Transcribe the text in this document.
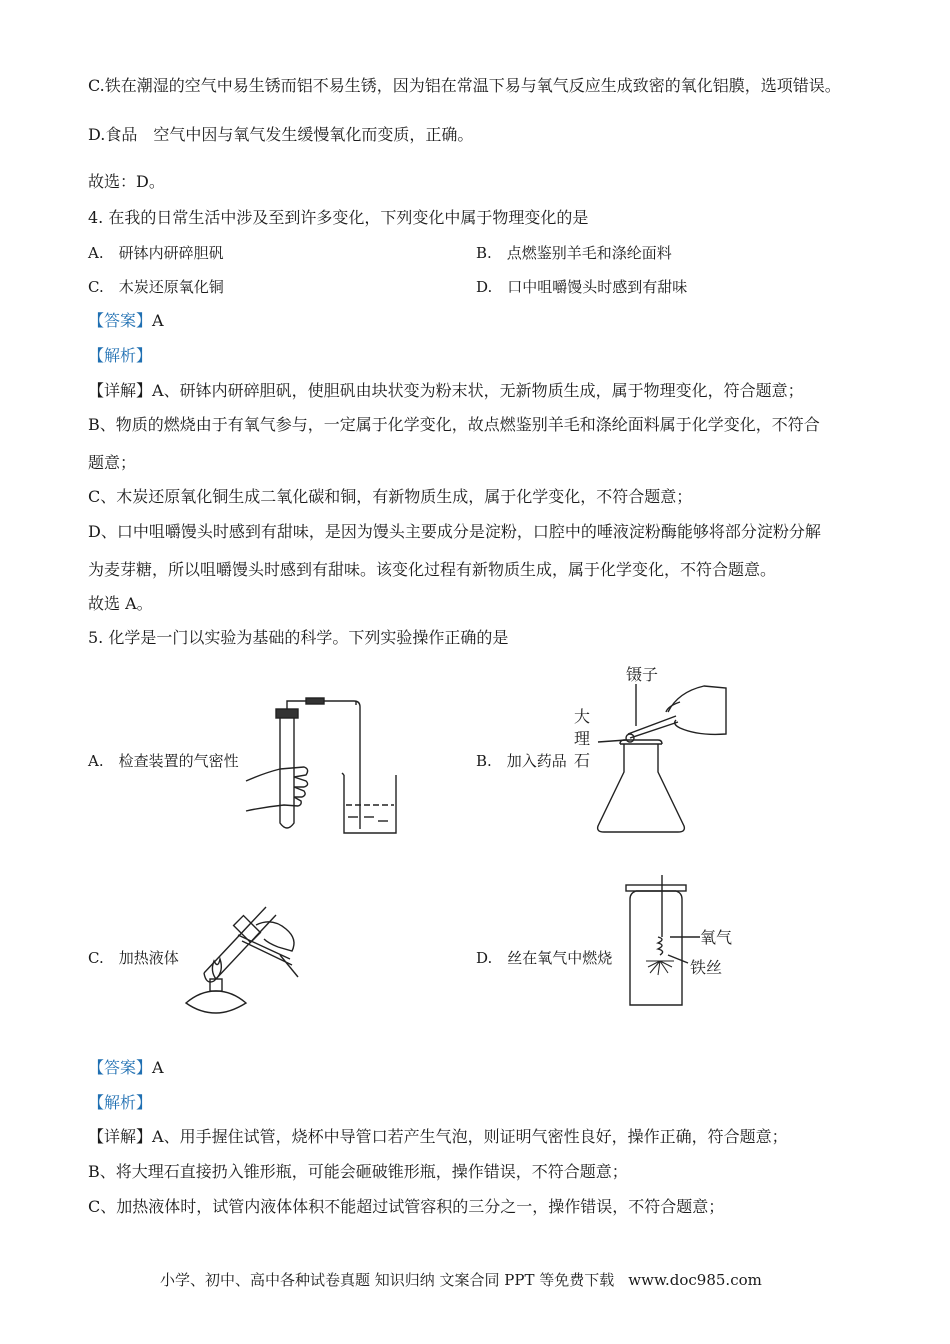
C.铁在潮湿的空气中易生锈而铝不易生锈，因为铝在常温下易与氧气反应生成致密的氧化铝膜，选项错误。
D.食品　空气中因与氧气发生缓慢氧化而变质，正确。
故选：D。
4. 在我的日常生活中涉及至到许多变化，下列变化中属于物理变化的是
A.　研钵内研碎胆矾	B.　点燃鉴别羊毛和涤纶面料
C.　木炭还原氧化铜	D.　口中咀嚼馒头时感到有甜味
【答案】A
【解析】
【详解】A、研钵内研碎胆矾，使胆矾由块状变为粉末状，无新物质生成，属于物理变化，符合题意；
B、物质的燃烧由于有氧气参与，一定属于化学变化，故点燃鉴别羊毛和涤纶面料属于化学变化，不符合
题意；
C、木炭还原氧化铜生成二氧化碳和铜，有新物质生成，属于化学变化，不符合题意；
D、口中咀嚼馒头时感到有甜味，是因为馒头主要成分是淀粉，口腔中的唾液淀粉酶能够将部分淀粉分解
为麦芽糖，所以咀嚼馒头时感到有甜味。该变化过程有新物质生成，属于化学变化，不符合题意。
故选 A。
5. 化学是一门以实验为基础的科学。下列实验操作正确的是
A.　检查装置的气密性	B.　加入药品
C.　加热液体	D.　丝在氧气中燃烧
镊子
大
理
石
氧气
铁丝
【答案】A
【解析】
【详解】A、用手握住试管，烧杯中导管口若产生气泡，则证明气密性良好，操作正确，符合题意；
B、将大理石直接扔入锥形瓶，可能会砸破锥形瓶，操作错误，不符合题意；
C、加热液体时，试管内液体体积不能超过试管容积的三分之一，操作错误，不符合题意；
小学、初中、高中各种试卷真题 知识归纳 文案合同 PPT 等免费下载 www.doc985.com
